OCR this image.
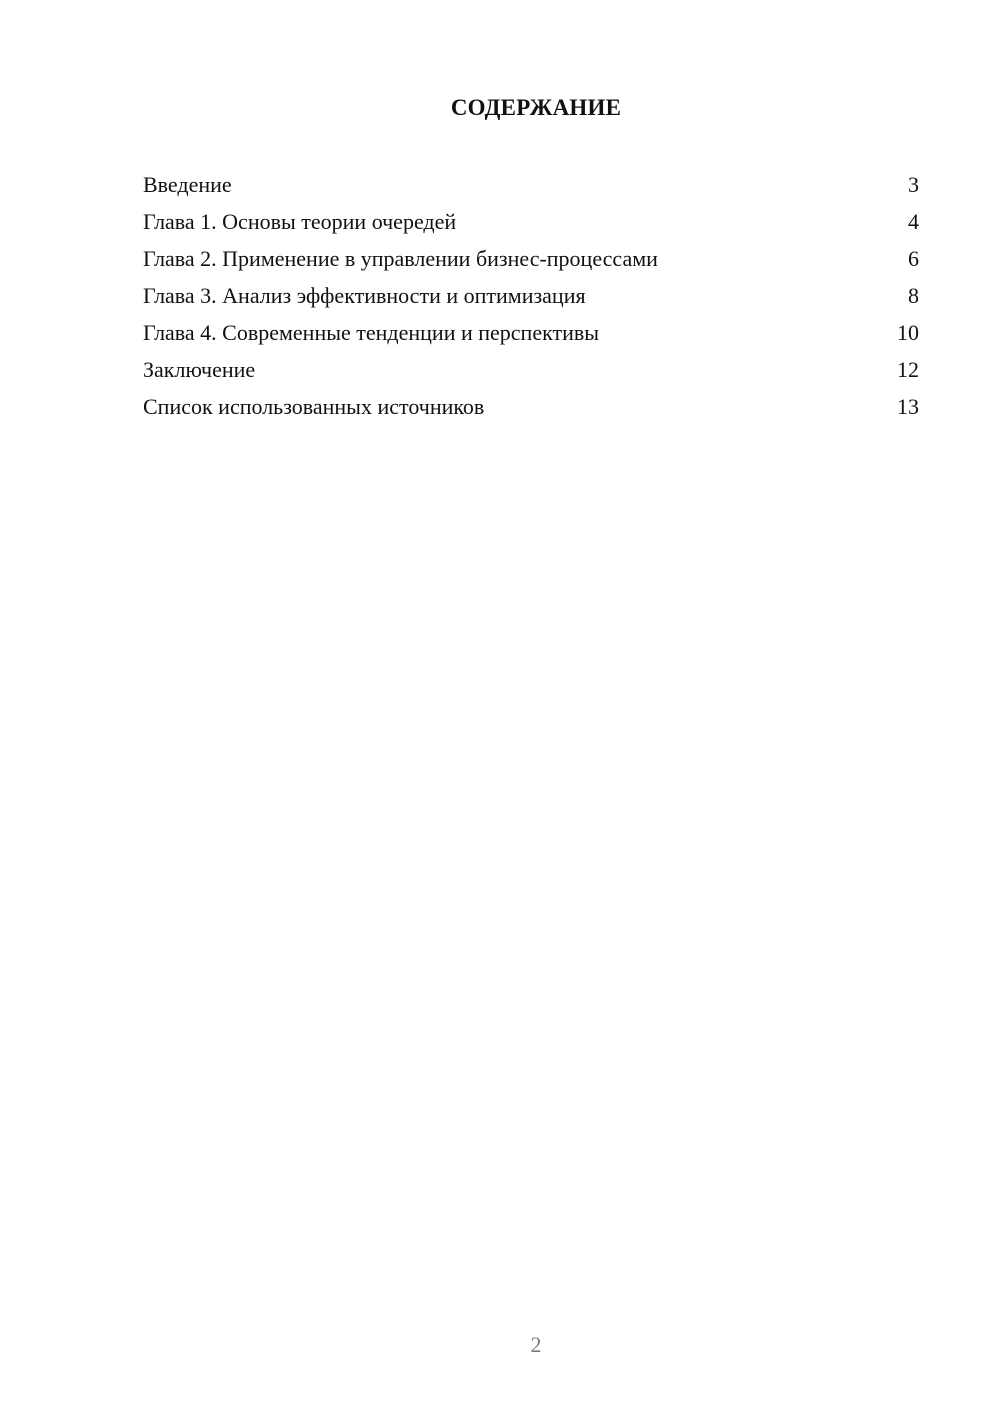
СОДЕРЖАНИЕ
Введение	3
Глава 1. Основы теории очередей	4
Глава 2. Применение в управлении бизнес-процессами	6
Глава 3. Анализ эффективности и оптимизация	8
Глава 4. Современные тенденции и перспективы	10
Заключение	12
Список использованных источников	13
2
